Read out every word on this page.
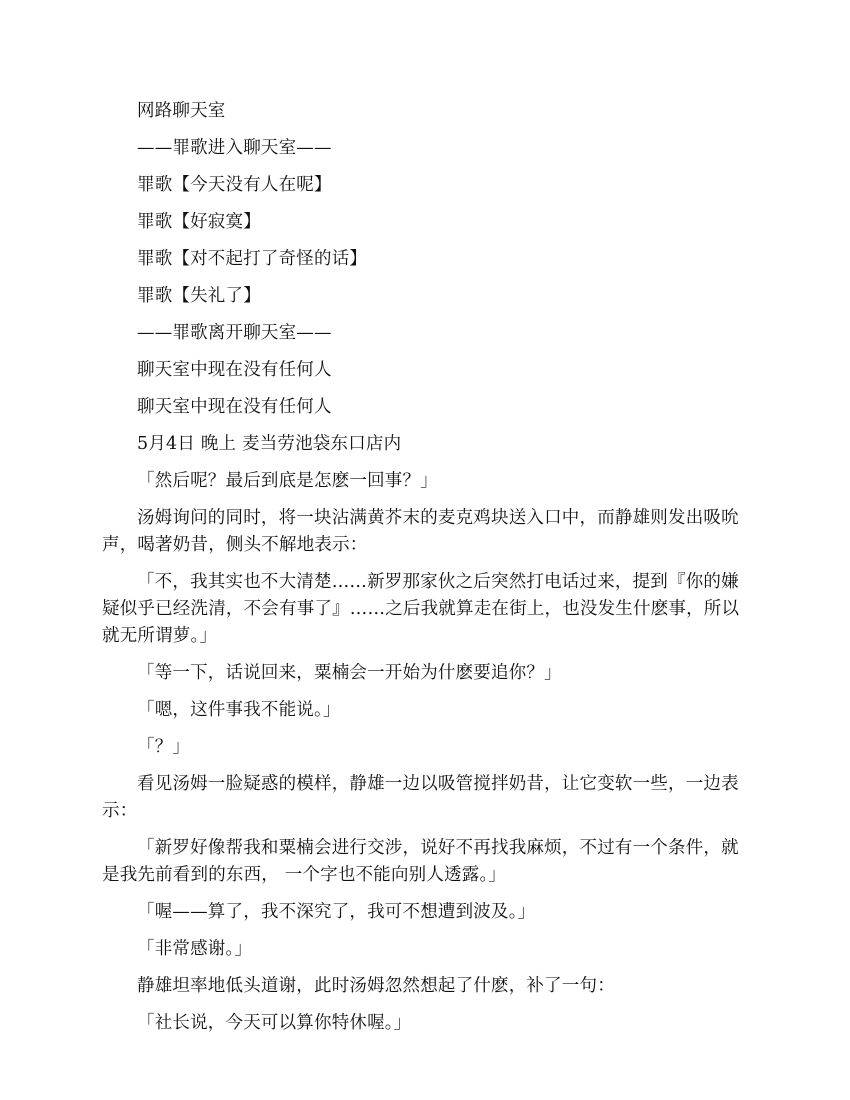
网路聊天室

——罪歌进入聊天室——

罪歌【今天没有人在呢】

罪歌【好寂寞】

罪歌【对不起打了奇怪的话】

罪歌【失礼了】

——罪歌离开聊天室——

聊天室中现在没有任何人

聊天室中现在没有任何人

5月4日 晚上 麦当劳池袋东口店内

「然后呢？最后到底是怎麽一回事？」

汤姆询问的同时，将一块沾满黄芥末的麦克鸡块送入口中，而静雄则发出吸吮声，喝著奶昔，侧头不解地表示：

「不，我其实也不大清楚……新罗那家伙之后突然打电话过来，提到『你的嫌疑似乎已经洗清，不会有事了』……之后我就算走在街上，也没发生什麽事，所以就无所谓萝。」

「等一下，话说回来，粟楠会一开始为什麽要追你？」

「嗯，这件事我不能说。」

「？」

看见汤姆一脸疑惑的模样，静雄一边以吸管搅拌奶昔，让它变软一些，一边表示：

「新罗好像帮我和粟楠会进行交涉，说好不再找我麻烦，不过有一个条件，就是我先前看到的东西， 一个字也不能向别人透露。」

「喔——算了，我不深究了，我可不想遭到波及。」

「非常感谢。」

静雄坦率地低头道谢，此时汤姆忽然想起了什麽，补了一句：

「社长说，今天可以算你特休喔。」
